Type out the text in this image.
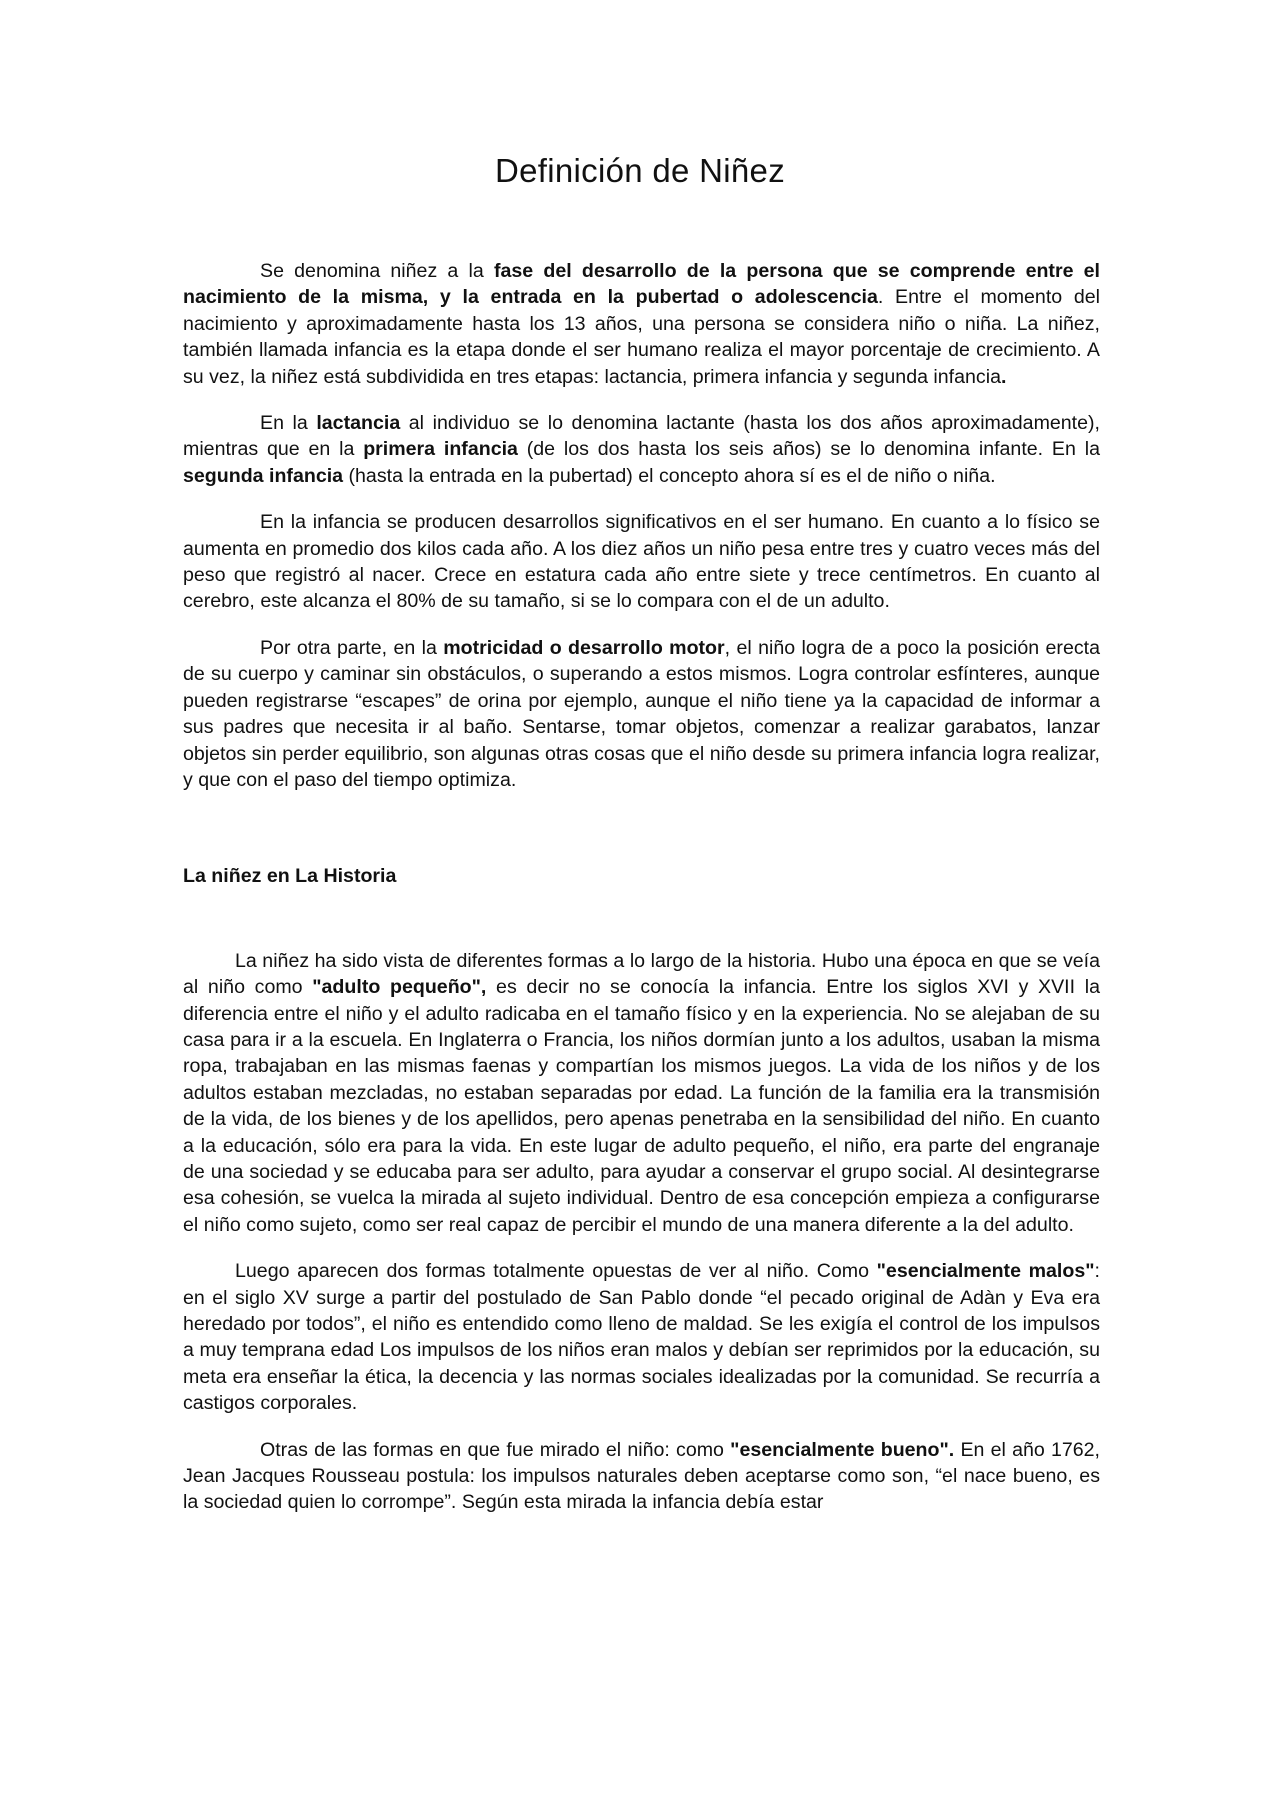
Definición de Niñez

Se denomina niñez a la fase del desarrollo de la persona que se comprende entre el nacimiento de la misma, y la entrada en la pubertad o adolescencia. Entre el momento del nacimiento y aproximadamente hasta los 13 años, una persona se considera niño o niña. La niñez, también llamada infancia es la etapa donde el ser humano realiza el mayor porcentaje de crecimiento. A su vez, la niñez está subdividida en tres etapas: lactancia, primera infancia y segunda infancia.

En la lactancia al individuo se lo denomina lactante (hasta los dos años aproximadamente), mientras que en la primera infancia (de los dos hasta los seis años) se lo denomina infante. En la segunda infancia (hasta la entrada en la pubertad) el concepto ahora sí es el de niño o niña.

En la infancia se producen desarrollos significativos en el ser humano. En cuanto a lo físico se aumenta en promedio dos kilos cada año. A los diez años un niño pesa entre tres y cuatro veces más del peso que registró al nacer. Crece en estatura cada año entre siete y trece centímetros. En cuanto al cerebro, este alcanza el 80% de su tamaño, si se lo compara con el de un adulto.

Por otra parte, en la motricidad o desarrollo motor, el niño logra de a poco la posición erecta de su cuerpo y caminar sin obstáculos, o superando a estos mismos. Logra controlar esfínteres, aunque pueden registrarse “escapes” de orina por ejemplo, aunque el niño tiene ya la capacidad de informar a sus padres que necesita ir al baño. Sentarse, tomar objetos, comenzar a realizar garabatos, lanzar objetos sin perder equilibrio, son algunas otras cosas que el niño desde su primera infancia logra realizar, y que con el paso del tiempo optimiza.

La niñez en La Historia

La niñez ha sido vista de diferentes formas a lo largo de la historia. Hubo una época en que se veía al niño como "adulto pequeño", es decir no se conocía la infancia. Entre los siglos XVI y XVII la diferencia entre el niño y el adulto radicaba en el tamaño físico y en la experiencia. No se alejaban de su casa para ir a la escuela. En Inglaterra o Francia, los niños dormían junto a los adultos, usaban la misma ropa, trabajaban en las mismas faenas y compartían los mismos juegos. La vida de los niños y de los adultos estaban mezcladas, no estaban separadas por edad. La función de la familia era la transmisión de la vida, de los bienes y de los apellidos, pero apenas penetraba en la sensibilidad del niño. En cuanto a la educación, sólo era para la vida. En este lugar de adulto pequeño, el niño, era parte del engranaje de una sociedad y se educaba para ser adulto, para ayudar a conservar el grupo social. Al desintegrarse esa cohesión, se vuelca la mirada al sujeto individual. Dentro de esa concepción empieza a configurarse el niño como sujeto, como ser real capaz de percibir el mundo de una manera diferente a la del adulto.

Luego aparecen dos formas totalmente opuestas de ver al niño. Como "esencialmente malos": en el siglo XV surge a partir del postulado de San Pablo donde “el pecado original de Adàn y Eva era heredado por todos”, el niño es entendido como lleno de maldad. Se les exigía el control de los impulsos a muy temprana edad Los impulsos de los niños eran malos y debían ser reprimidos por la educación, su meta era enseñar la ética, la decencia y las normas sociales idealizadas por la comunidad. Se recurría a castigos corporales.

Otras de las formas en que fue mirado el niño: como "esencialmente bueno". En el año 1762, Jean Jacques Rousseau postula: los impulsos naturales deben aceptarse como son, “el nace bueno, es la sociedad quien lo corrompe”. Según esta mirada la infancia debía estar
